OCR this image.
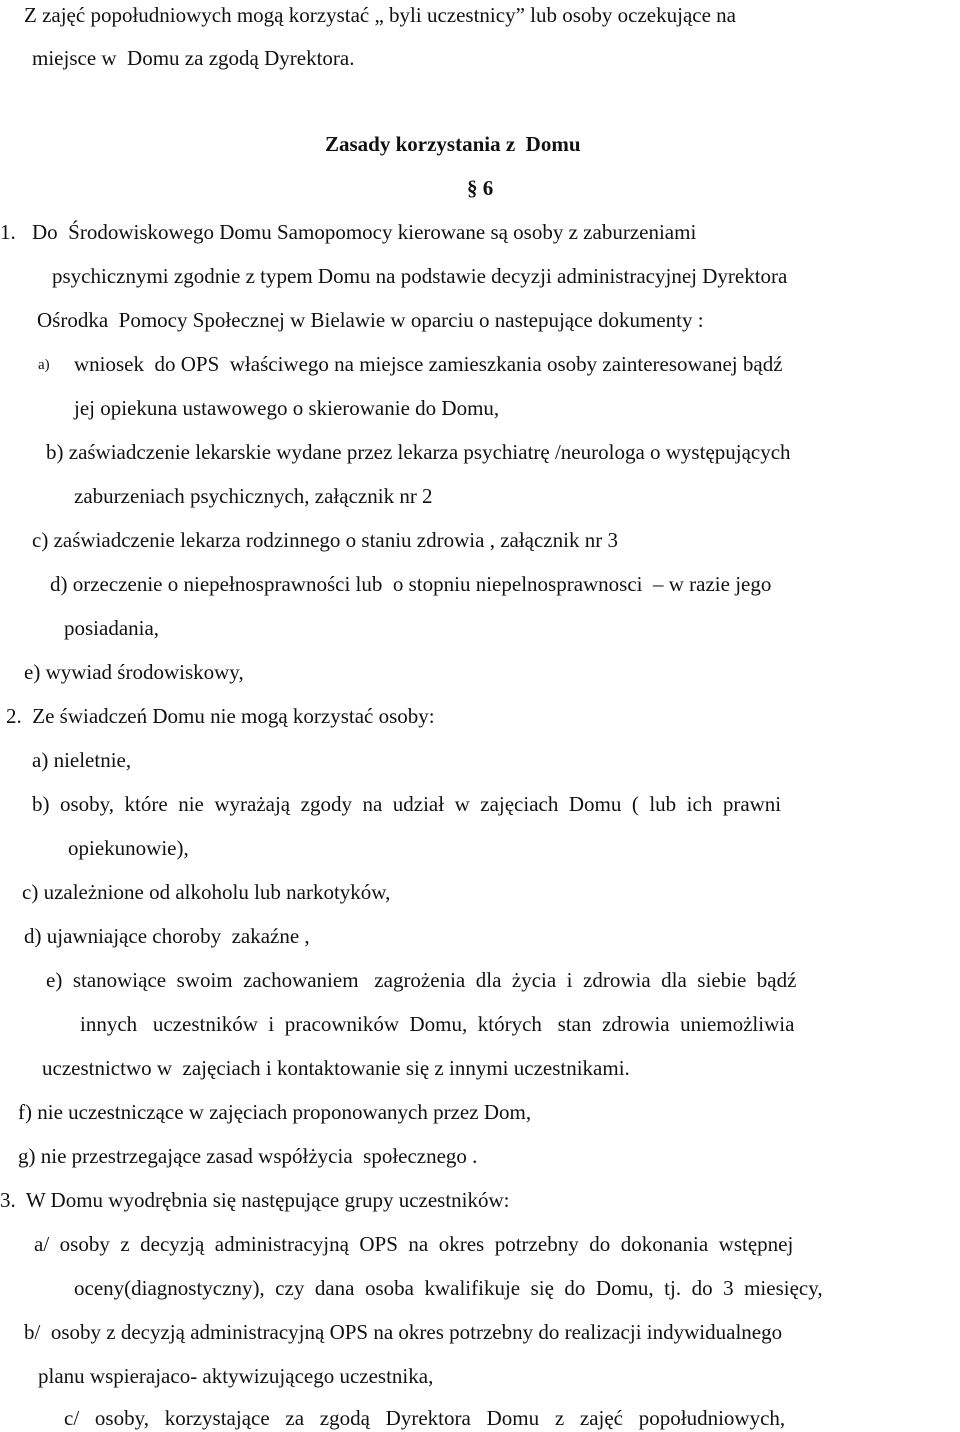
Z zajęć popołudniowych mogą korzystać „ byli uczestnicy” lub osoby oczekujące na

miejsce w  Domu za zgodą Dyrektora.

Zasady korzystania z  Domu

§ 6

1. Do  Środowiskowego Domu Samopomocy kierowane są osoby z zaburzeniami

psychicznymi zgodnie z typem Domu na podstawie decyzji administracyjnej Dyrektora

Ośrodka  Pomocy Społecznej w Bielawie w oparciu o nastepujące dokumenty :

a) wniosek  do OPS  właściwego na miejsce zamieszkania osoby zainteresowanej bądź

jej opiekuna ustawowego o skierowanie do Domu,

b) zaświadczenie lekarskie wydane przez lekarza psychiatrę /neurologa o występujących

zaburzeniach psychicznych, załącznik nr 2

c) zaświadczenie lekarza rodzinnego o staniu zdrowia , załącznik nr 3

d) orzeczenie o niepełnosprawności lub  o stopniu niepelnosprawnosci  – w razie jego

posiadania,

e) wywiad środowiskowy,

2.  Ze świadczeń Domu nie mogą korzystać osoby:

a) nieletnie,

b)  osoby,  które  nie  wyrażają  zgody  na  udział  w  zajęciach  Domu  (  lub  ich  prawni

opiekunowie),

c) uzależnione od alkoholu lub narkotyków,

d) ujawniające choroby  zakaźne ,

e)  stanowiące  swoim  zachowaniem   zagrożenia  dla  życia  i  zdrowia  dla  siebie  bądź

innych   uczestników  i  pracowników  Domu,  których   stan  zdrowia  uniemożliwia

uczestnictwo w  zajęciach i kontaktowanie się z innymi uczestnikami.

f) nie uczestniczące w zajęciach proponowanych przez Dom,

g) nie przestrzegające zasad współżycia  społecznego .

3.  W Domu wyodrębnia się następujące grupy uczestników:

a/  osoby  z  decyzją  administracyjną  OPS  na  okres  potrzebny  do  dokonania  wstępnej

oceny(diagnostyczny),  czy  dana  osoba  kwalifikuje  się  do  Domu,  tj.  do  3  miesięcy,

b/  osoby z decyzją administracyjną OPS na okres potrzebny do realizacji indywidualnego

planu wspierajaco- aktywizującego uczestnika,

c/   osoby,   korzystające   za   zgodą   Dyrektora   Domu   z   zajęć   popołudniowych,
